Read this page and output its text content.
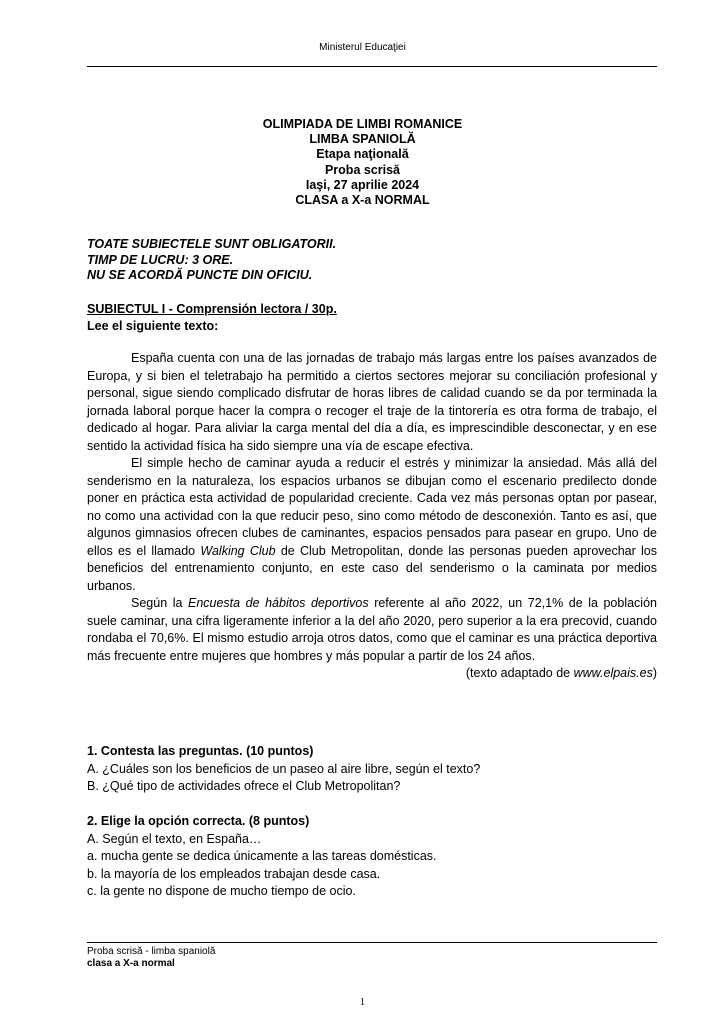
Ministerul Educaţiei
OLIMPIADA DE LIMBI ROMANICE
LIMBA SPANIOLĂ
Etapa naţională
Proba scrisă
Iaşi, 27 aprilie 2024
CLASA a X-a NORMAL
TOATE SUBIECTELE SUNT OBLIGATORII.
TIMP DE LUCRU: 3 ORE.
NU SE ACORDĂ PUNCTE DIN OFICIU.
SUBIECTUL I - Comprensión lectora / 30p.
Lee el siguiente texto:

España cuenta con una de las jornadas de trabajo más largas entre los países avanzados de Europa, y si bien el teletrabajo ha permitido a ciertos sectores mejorar su conciliación profesional y personal, sigue siendo complicado disfrutar de horas libres de calidad cuando se da por terminada la jornada laboral porque hacer la compra o recoger el traje de la tintorería es otra forma de trabajo, el dedicado al hogar. Para aliviar la carga mental del día a día, es imprescindible desconectar, y en ese sentido la actividad física ha sido siempre una vía de escape efectiva.

El simple hecho de caminar ayuda a reducir el estrés y minimizar la ansiedad. Más allá del senderismo en la naturaleza, los espacios urbanos se dibujan como el escenario predilecto donde poner en práctica esta actividad de popularidad creciente. Cada vez más personas optan por pasear, no como una actividad con la que reducir peso, sino como método de desconexión. Tanto es así, que algunos gimnasios ofrecen clubes de caminantes, espacios pensados para pasear en grupo. Uno de ellos es el llamado Walking Club de Club Metropolitan, donde las personas pueden aprovechar los beneficios del entrenamiento conjunto, en este caso del senderismo o la caminata por medios urbanos.

Según la Encuesta de hábitos deportivos referente al año 2022, un 72,1% de la población suele caminar, una cifra ligeramente inferior a la del año 2020, pero superior a la era precovid, cuando rondaba el 70,6%. El mismo estudio arroja otros datos, como que el caminar es una práctica deportiva más frecuente entre mujeres que hombres y más popular a partir de los 24 años.

(texto adaptado de www.elpais.es)

1. Contesta las preguntas. (10 puntos)
A. ¿Cuáles son los beneficios de un paseo al aire libre, según el texto?
B. ¿Qué tipo de actividades ofrece el Club Metropolitan?
2. Elige la opción correcta. (8 puntos)
A. Según el texto, en España…
a. mucha gente se dedica únicamente a las tareas domésticas.
b. la mayoría de los empleados trabajan desde casa.
c. la gente no dispone de mucho tiempo de ocio.
Proba scrisă - limba spaniolă
clasa a X-a normal
1
